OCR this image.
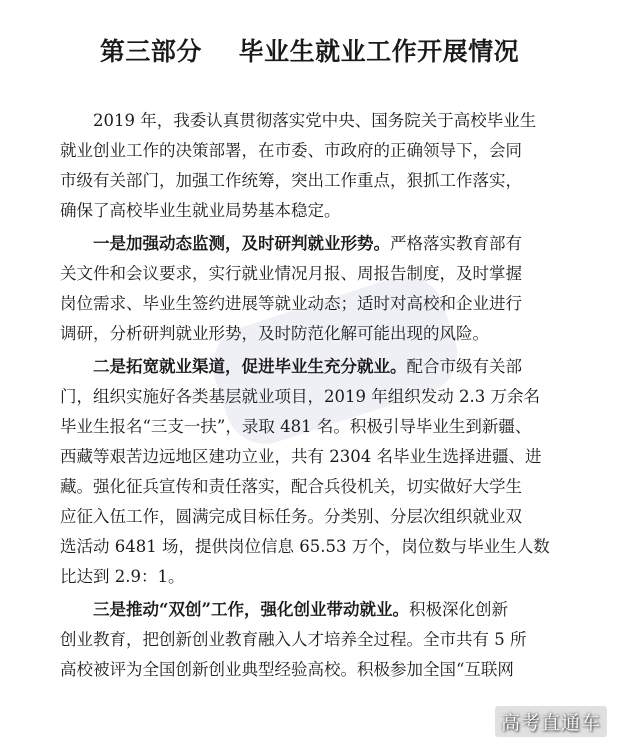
第三部分    毕业生就业工作开展情况
2019 年，我委认真贯彻落实党中央、国务院关于高校毕业生
就业创业工作的决策部署，在市委、市政府的正确领导下，会同
市级有关部门，加强工作统筹，突出工作重点，狠抓工作落实，
确保了高校毕业生就业局势基本稳定。
一是加强动态监测，及时研判就业形势。严格落实教育部有
关文件和会议要求，实行就业情况月报、周报告制度，及时掌握
岗位需求、毕业生签约进展等就业动态；适时对高校和企业进行
调研，分析研判就业形势，及时防范化解可能出现的风险。
二是拓宽就业渠道，促进毕业生充分就业。配合市级有关部
门，组织实施好各类基层就业项目，2019 年组织发动 2.3 万余名
毕业生报名“三支一扶”，录取 481 名。积极引导毕业生到新疆、
西藏等艰苦边远地区建功立业，共有 2304 名毕业生选择进疆、进
藏。强化征兵宣传和责任落实，配合兵役机关，切实做好大学生
应征入伍工作，圆满完成目标任务。分类别、分层次组织就业双
选活动 6481 场，提供岗位信息 65.53 万个，岗位数与毕业生人数
比达到 2.9：1。
三是推动“双创”工作，强化创业带动就业。积极深化创新
创业教育，把创新创业教育融入人才培养全过程。全市共有 5 所
高校被评为全国创新创业典型经验高校。积极参加全国“互联网
高考直通车
